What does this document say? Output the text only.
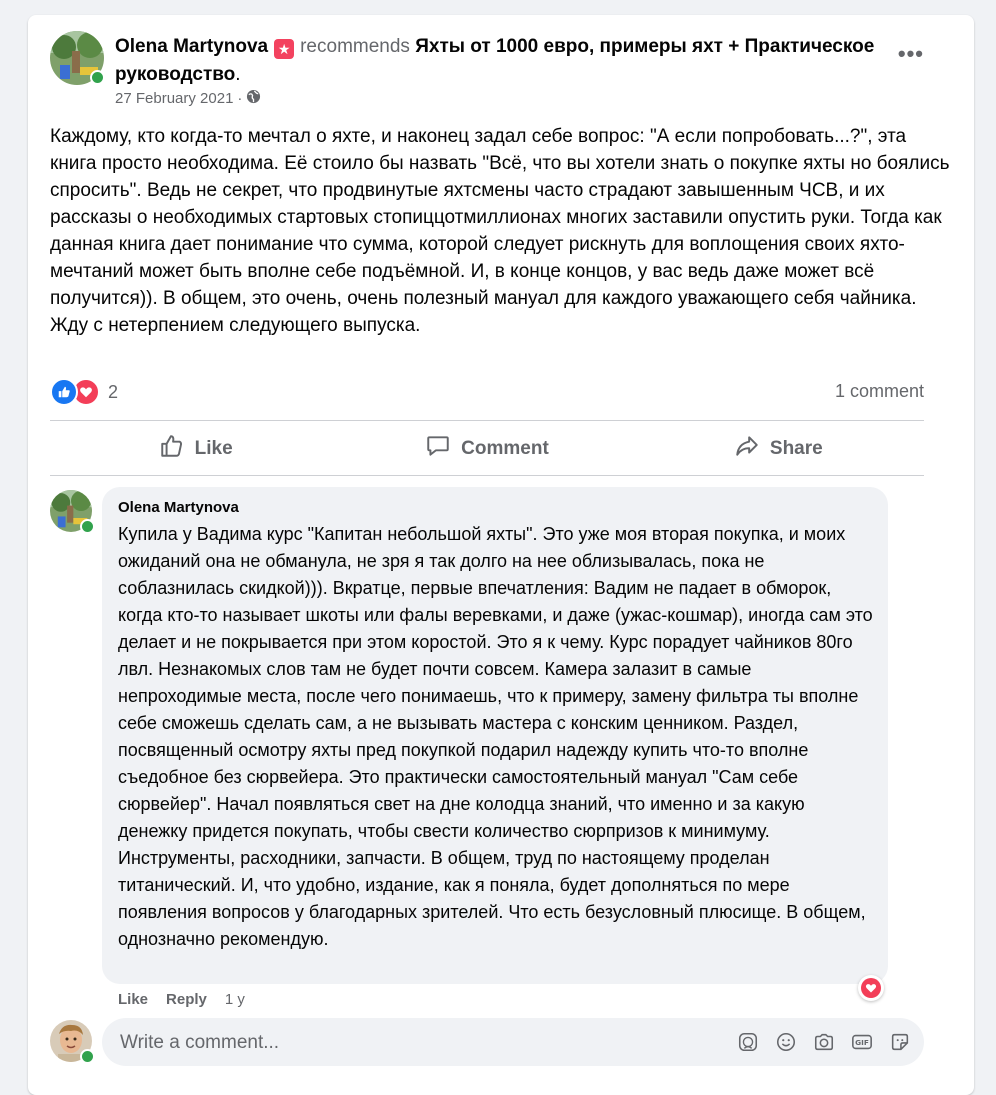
Olena Martynova ★ recommends Яхты от 1000 евро, примеры яхт + Практическое руководство.
27 February 2021 ·
•••

Каждому, кто когда-то мечтал о яхте, и наконец задал себе вопрос: "А если попробовать...?", эта книга просто необходима. Её стоило бы назвать "Всё, что вы хотели знать о покупке яхты но боялись спросить". Ведь не секрет, что продвинутые яхтсмены часто страдают завышенным ЧСВ, и их рассказы о необходимых стартовых стопиццотмиллионах многих заставили опустить руки. Тогда как данная книга дает понимание что сумма, которой следует рискнуть для воплощения своих яхто-мечтаний может быть вполне себе подъёмной. И, в конце концов, у вас ведь даже может всё получится)). В общем, это очень, очень полезный мануал для каждого уважающего себя чайника.

Жду с нетерпением следующего выпуска.

2	1 comment
Like	Comment	Share
Olena Martynova
Купила у Вадима курс "Капитан небольшой яхты". Это уже моя вторая покупка, и моих ожиданий она не обманула, не зря я так долго на нее облизывалась, пока не соблазнилась скидкой))). Вкратце, первые впечатления: Вадим не падает в обморок, когда кто-то называет шкоты или фалы веревками, и даже (ужас-кошмар), иногда сам это делает и не покрывается при этом коростой. Это я к чему. Курс порадует чайников 80го лвл. Незнакомых слов там не будет почти совсем. Камера залазит в самые непроходимые места, после чего понимаешь, что к примеру, замену фильтра ты вполне себе сможешь сделать сам, а не вызывать мастера с конским ценником. Раздел, посвященный осмотру яхты пред покупкой подарил надежду купить что-то вполне съедобное без сюрвейера. Это практически самостоятельный мануал "Сам себе сюрвейер". Начал появляться свет на дне колодца знаний, что именно и за какую денежку придется покупать, чтобы свести количество сюрпризов к минимуму. Инструменты, расходники, запчасти. В общем, труд по настоящему проделан титанический. И, что удобно, издание, как я поняла, будет дополняться по мере появления вопросов у благодарных зрителей. Что есть безусловный плюсище. В общем, однозначно рекомендую.
Like Reply 1 y
Write a comment...
GIF
